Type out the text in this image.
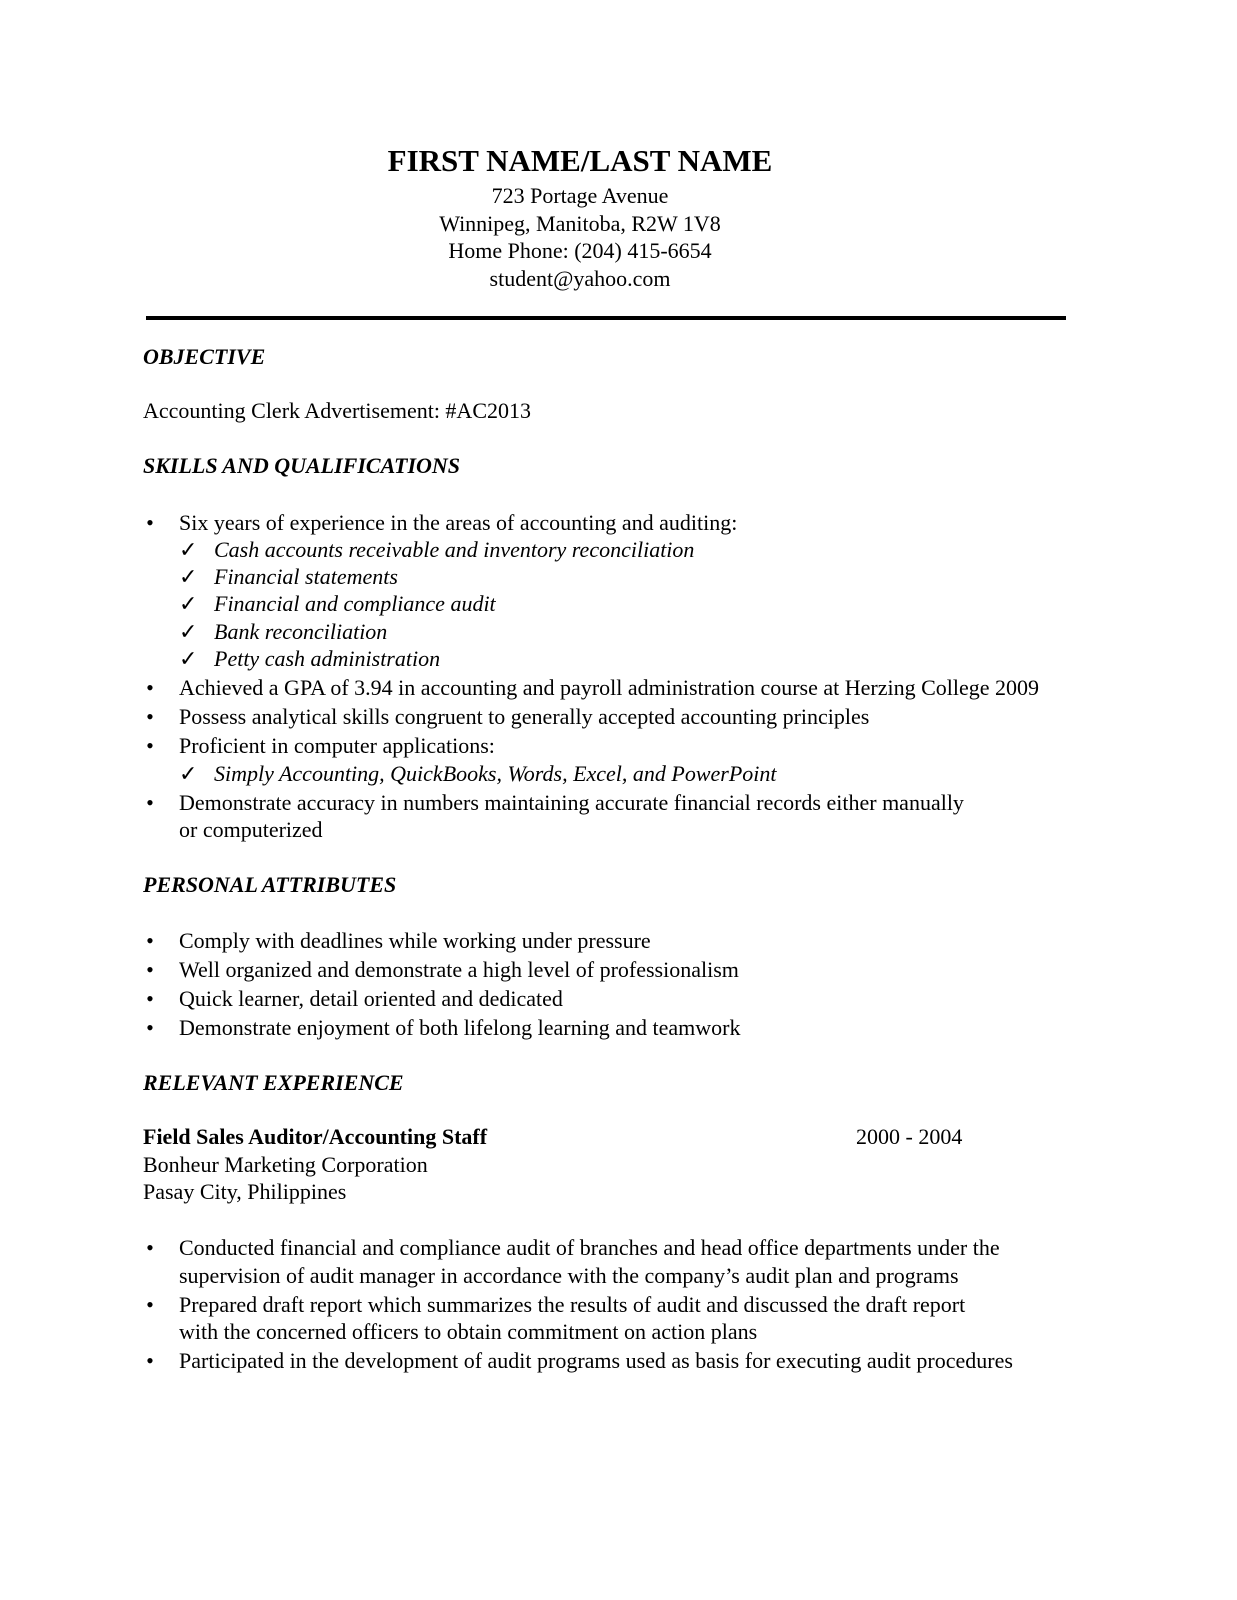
FIRST NAME/LAST NAME
723 Portage Avenue
Winnipeg, Manitoba, R2W 1V8
Home Phone: (204) 415-6654
student@yahoo.com
OBJECTIVE
Accounting Clerk Advertisement: #AC2013
SKILLS AND QUALIFICATIONS
• Six years of experience in the areas of accounting and auditing:
✓ Cash accounts receivable and inventory reconciliation
✓ Financial statements
✓ Financial and compliance audit
✓ Bank reconciliation
✓ Petty cash administration
• Achieved a GPA of 3.94 in accounting and payroll administration course at Herzing College 2009
• Possess analytical skills congruent to generally accepted accounting principles
• Proficient in computer applications:
✓ Simply Accounting, QuickBooks, Words, Excel, and PowerPoint
• Demonstrate accuracy in numbers maintaining accurate financial records either manually
or computerized
PERSONAL ATTRIBUTES
• Comply with deadlines while working under pressure
• Well organized and demonstrate a high level of professionalism
• Quick learner, detail oriented and dedicated
• Demonstrate enjoyment of both lifelong learning and teamwork
RELEVANT EXPERIENCE
Field Sales Auditor/Accounting Staff	2000 - 2004
Bonheur Marketing Corporation
Pasay City, Philippines
• Conducted financial and compliance audit of branches and head office departments under the
supervision of audit manager in accordance with the company’s audit plan and programs
• Prepared draft report which summarizes the results of audit and discussed the draft report
with the concerned officers to obtain commitment on action plans
• Participated in the development of audit programs used as basis for executing audit procedures
